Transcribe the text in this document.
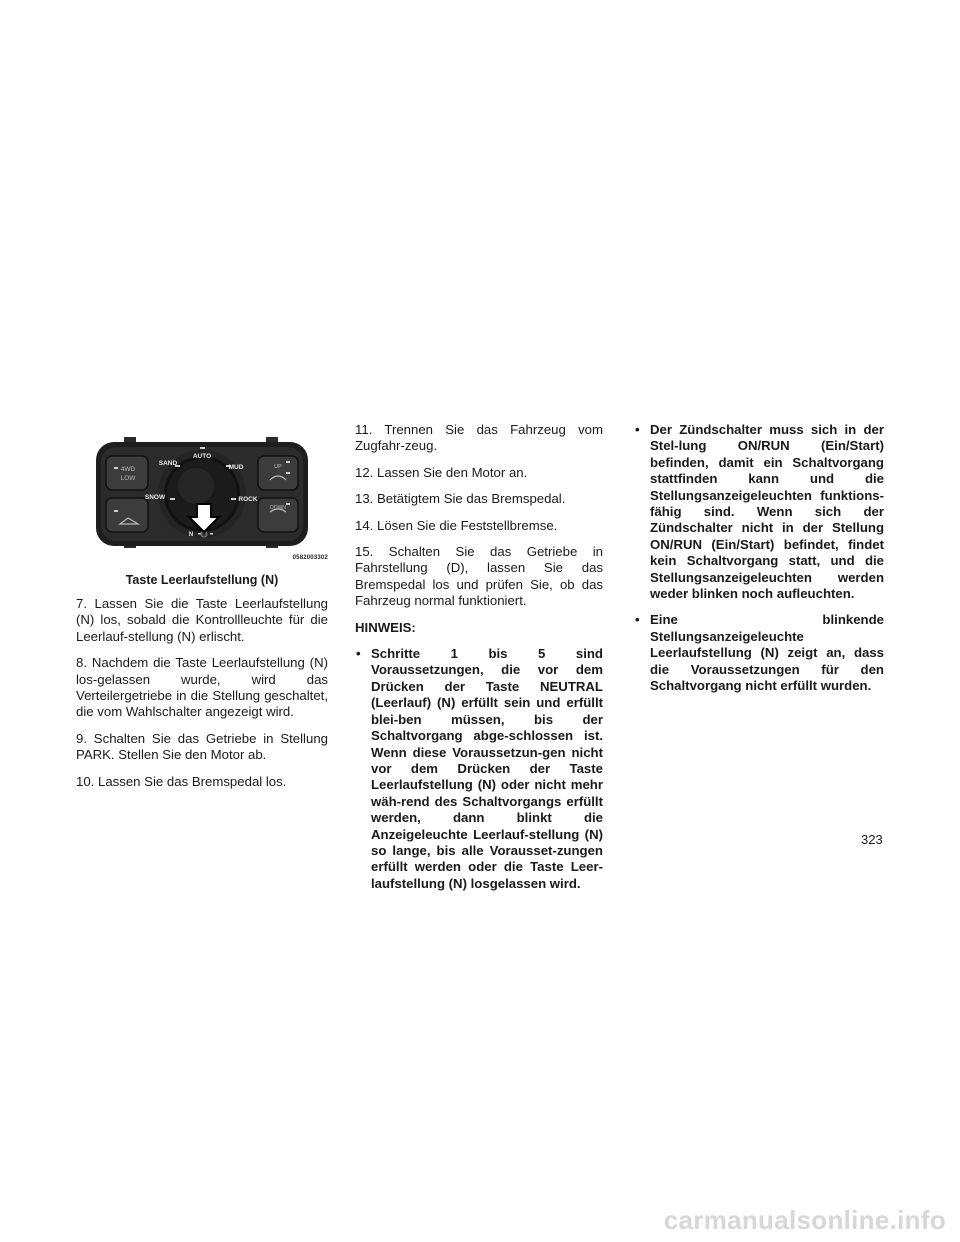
AUTO
SAND
MUD
SNOW	ROCK
4WD
LOW
UP
DOWN
N
0582003302
Taste Leerlaufstellung (N)

7. Lassen Sie die Taste Leerlaufstellung (N) los, sobald die Kontrollleuchte für die Leerlauf-stellung (N) erlischt.

8. Nachdem die Taste Leerlaufstellung (N) los-gelassen wurde, wird das Verteilergetriebe in die Stellung geschaltet, die vom Wahlschalter angezeigt wird.

9. Schalten Sie das Getriebe in Stellung PARK. Stellen Sie den Motor ab.

10. Lassen Sie das Bremspedal los.

11. Trennen Sie das Fahrzeug vom Zugfahr-zeug.

12. Lassen Sie den Motor an.

13. Betätigtem Sie das Bremspedal.

14. Lösen Sie die Feststellbremse.

15. Schalten Sie das Getriebe in Fahrstellung (D), lassen Sie das Bremspedal los und prüfen Sie, ob das Fahrzeug normal funktioniert.

HINWEIS:

• Schritte 1 bis 5 sind Voraussetzungen, die vor dem Drücken der Taste NEUTRAL (Leerlauf) (N) erfüllt sein und erfüllt blei-ben müssen, bis der Schaltvorgang abge-schlossen ist. Wenn diese Voraussetzun-gen nicht vor dem Drücken der Taste Leerlaufstellung (N) oder nicht mehr wäh-rend des Schaltvorgangs erfüllt werden, dann blinkt die Anzeigeleuchte Leerlauf-stellung (N) so lange, bis alle Vorausset-zungen erfüllt werden oder die Taste Leer-laufstellung (N) losgelassen wird.
• Der Zündschalter muss sich in der Stel-lung ON/RUN (Ein/Start) befinden, damit ein Schaltvorgang stattfinden kann und die Stellungsanzeigeleuchten funktions-fähig sind. Wenn sich der Zündschalter nicht in der Stellung ON/RUN (Ein/Start) befindet, findet kein Schaltvorgang statt, und die Stellungsanzeigeleuchten werden weder blinken noch aufleuchten.
• Eine blinkende Stellungsanzeigeleuchte Leerlaufstellung (N) zeigt an, dass die Voraussetzungen für den Schaltvorgang nicht erfüllt wurden.
323
carmanualsonline.info
